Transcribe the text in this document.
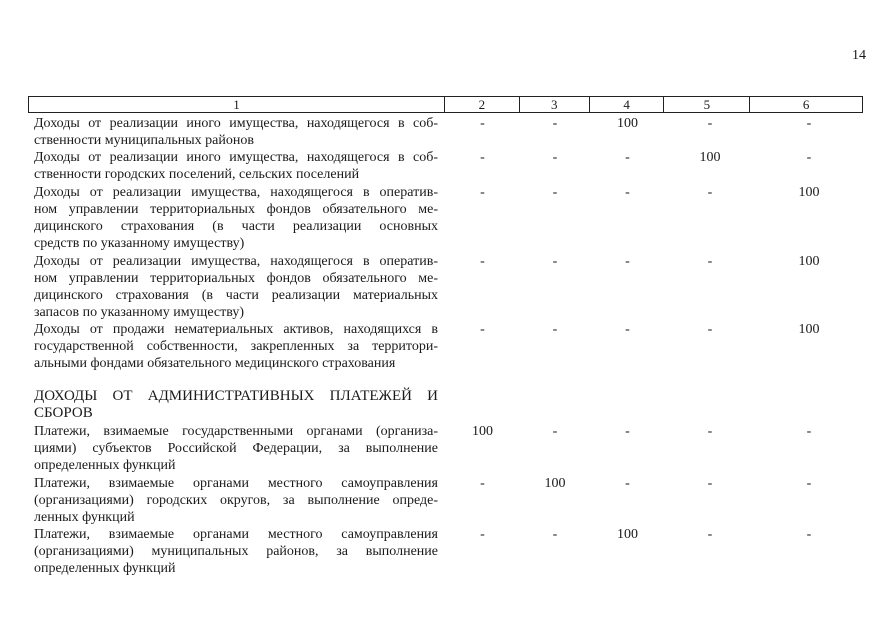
14
1	2	3	4	5	6
Доходы от реализации иного имущества, находящегося в соб-
ственности муниципальных районов
-	-	100	-	-
Доходы от реализации иного имущества, находящегося в соб-
ственности городских поселений, сельских поселений
-	-	-	100	-
Доходы от реализации имущества, находящегося в оператив-
ном управлении территориальных фондов обязательного ме-
дицинского страхования (в части реализации основных
средств по указанному имуществу)
-	-	-	-	100
Доходы от реализации имущества, находящегося в оператив-
ном управлении территориальных фондов обязательного ме-
дицинского страхования (в части реализации материальных
запасов по указанному имуществу)
-	-	-	-	100
Доходы от продажи нематериальных активов, находящихся в
государственной собственности, закрепленных за территори-
альными фондами обязательного медицинского страхования
-	-	-	-	100
ДОХОДЫ ОТ АДМИНИСТРАТИВНЫХ ПЛАТЕЖЕЙ И
СБОРОВ
Платежи, взимаемые государственными органами (организа-
циями) субъектов Российской Федерации, за выполнение
определенных функций
100	-	-	-	-
Платежи, взимаемые органами местного самоуправления
(организациями) городских округов, за выполнение опреде-
ленных функций
-	100	-	-	-
Платежи, взимаемые органами местного самоуправления
(организациями) муниципальных районов, за выполнение
определенных функций
-	-	100	-	-
